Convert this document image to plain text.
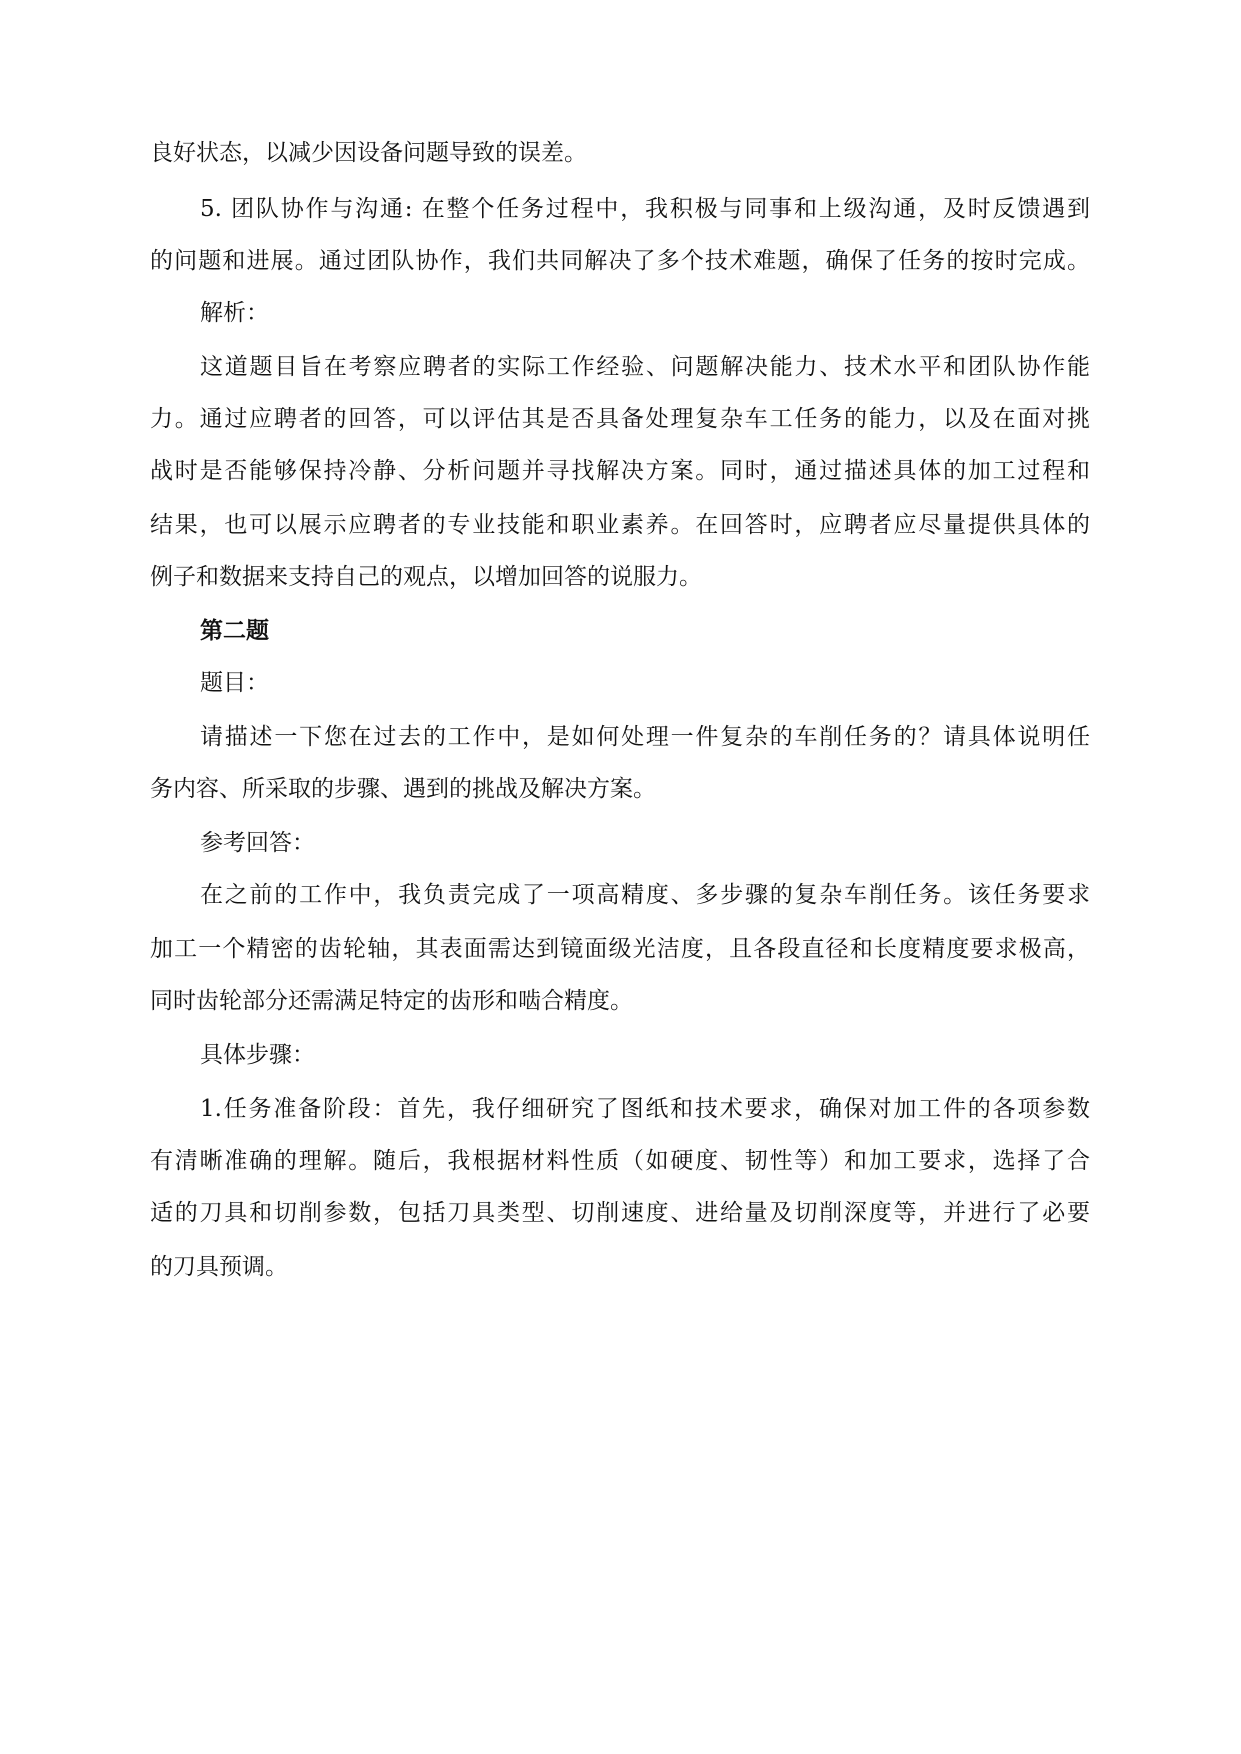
良好状态，以减少因设备问题导致的误差。
5. 团队协作与沟通: 在整个任务过程中，我积极与同事和上级沟通，及时反馈遇到
的问题和进展。通过团队协作，我们共同解决了多个技术难题，确保了任务的按时完成。
解析：
这道题目旨在考察应聘者的实际工作经验、问题解决能力、技术水平和团队协作能
力。通过应聘者的回答，可以评估其是否具备处理复杂车工任务的能力，以及在面对挑
战时是否能够保持冷静、分析问题并寻找解决方案。同时，通过描述具体的加工过程和
结果，也可以展示应聘者的专业技能和职业素养。在回答时，应聘者应尽量提供具体的
例子和数据来支持自己的观点，以增加回答的说服力。
第二题
题目：
请描述一下您在过去的工作中，是如何处理一件复杂的车削任务的？请具体说明任
务内容、所采取的步骤、遇到的挑战及解决方案。
参考回答：
在之前的工作中，我负责完成了一项高精度、多步骤的复杂车削任务。该任务要求
加工一个精密的齿轮轴，其表面需达到镜面级光洁度，且各段直径和长度精度要求极高，
同时齿轮部分还需满足特定的齿形和啮合精度。
具体步骤：
1.任务准备阶段：首先，我仔细研究了图纸和技术要求，确保对加工件的各项参数
有清晰准确的理解。随后，我根据材料性质（如硬度、韧性等）和加工要求，选择了合
适的刀具和切削参数，包括刀具类型、切削速度、进给量及切削深度等，并进行了必要
的刀具预调。
